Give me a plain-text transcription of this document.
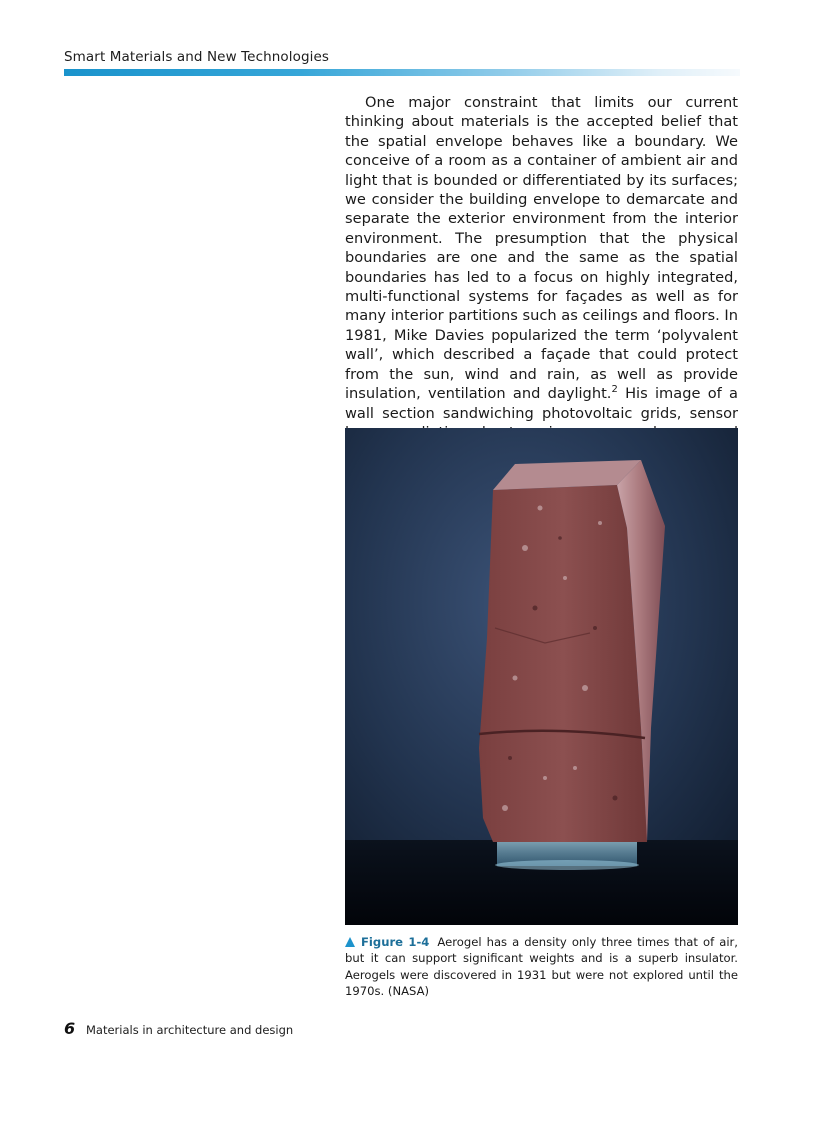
Smart Materials and New Technologies

One major constraint that limits our current thinking about materials is the accepted belief that the spatial envelope behaves like a boundary. We conceive of a room as a container of ambient air and light that is bounded or differentiated by its surfaces; we consider the building envelope to demarcate and separate the exterior environment from the interior environment. The presumption that the physical boundaries are one and the same as the spatial boundaries has led to a focus on highly integrated, multi-functional systems for façades as well as for many interior partitions such as ceilings and floors. In 1981, Mike Davies popularized the term ‘polyvalent wall’, which described a façade that could protect from the sun, wind and rain, as well as provide insulation, ventilation and daylight.$^2$ His image of a wall section sandwiching photovoltaic grids, sensor

Figure 1-4 Aerogel has a density only three times that of air, but it can support significant weights and is a superb insulator. Aerogels were discovered in 1931 but were not explored until the 1970s. (NASA)

6 Materials in architecture and design
